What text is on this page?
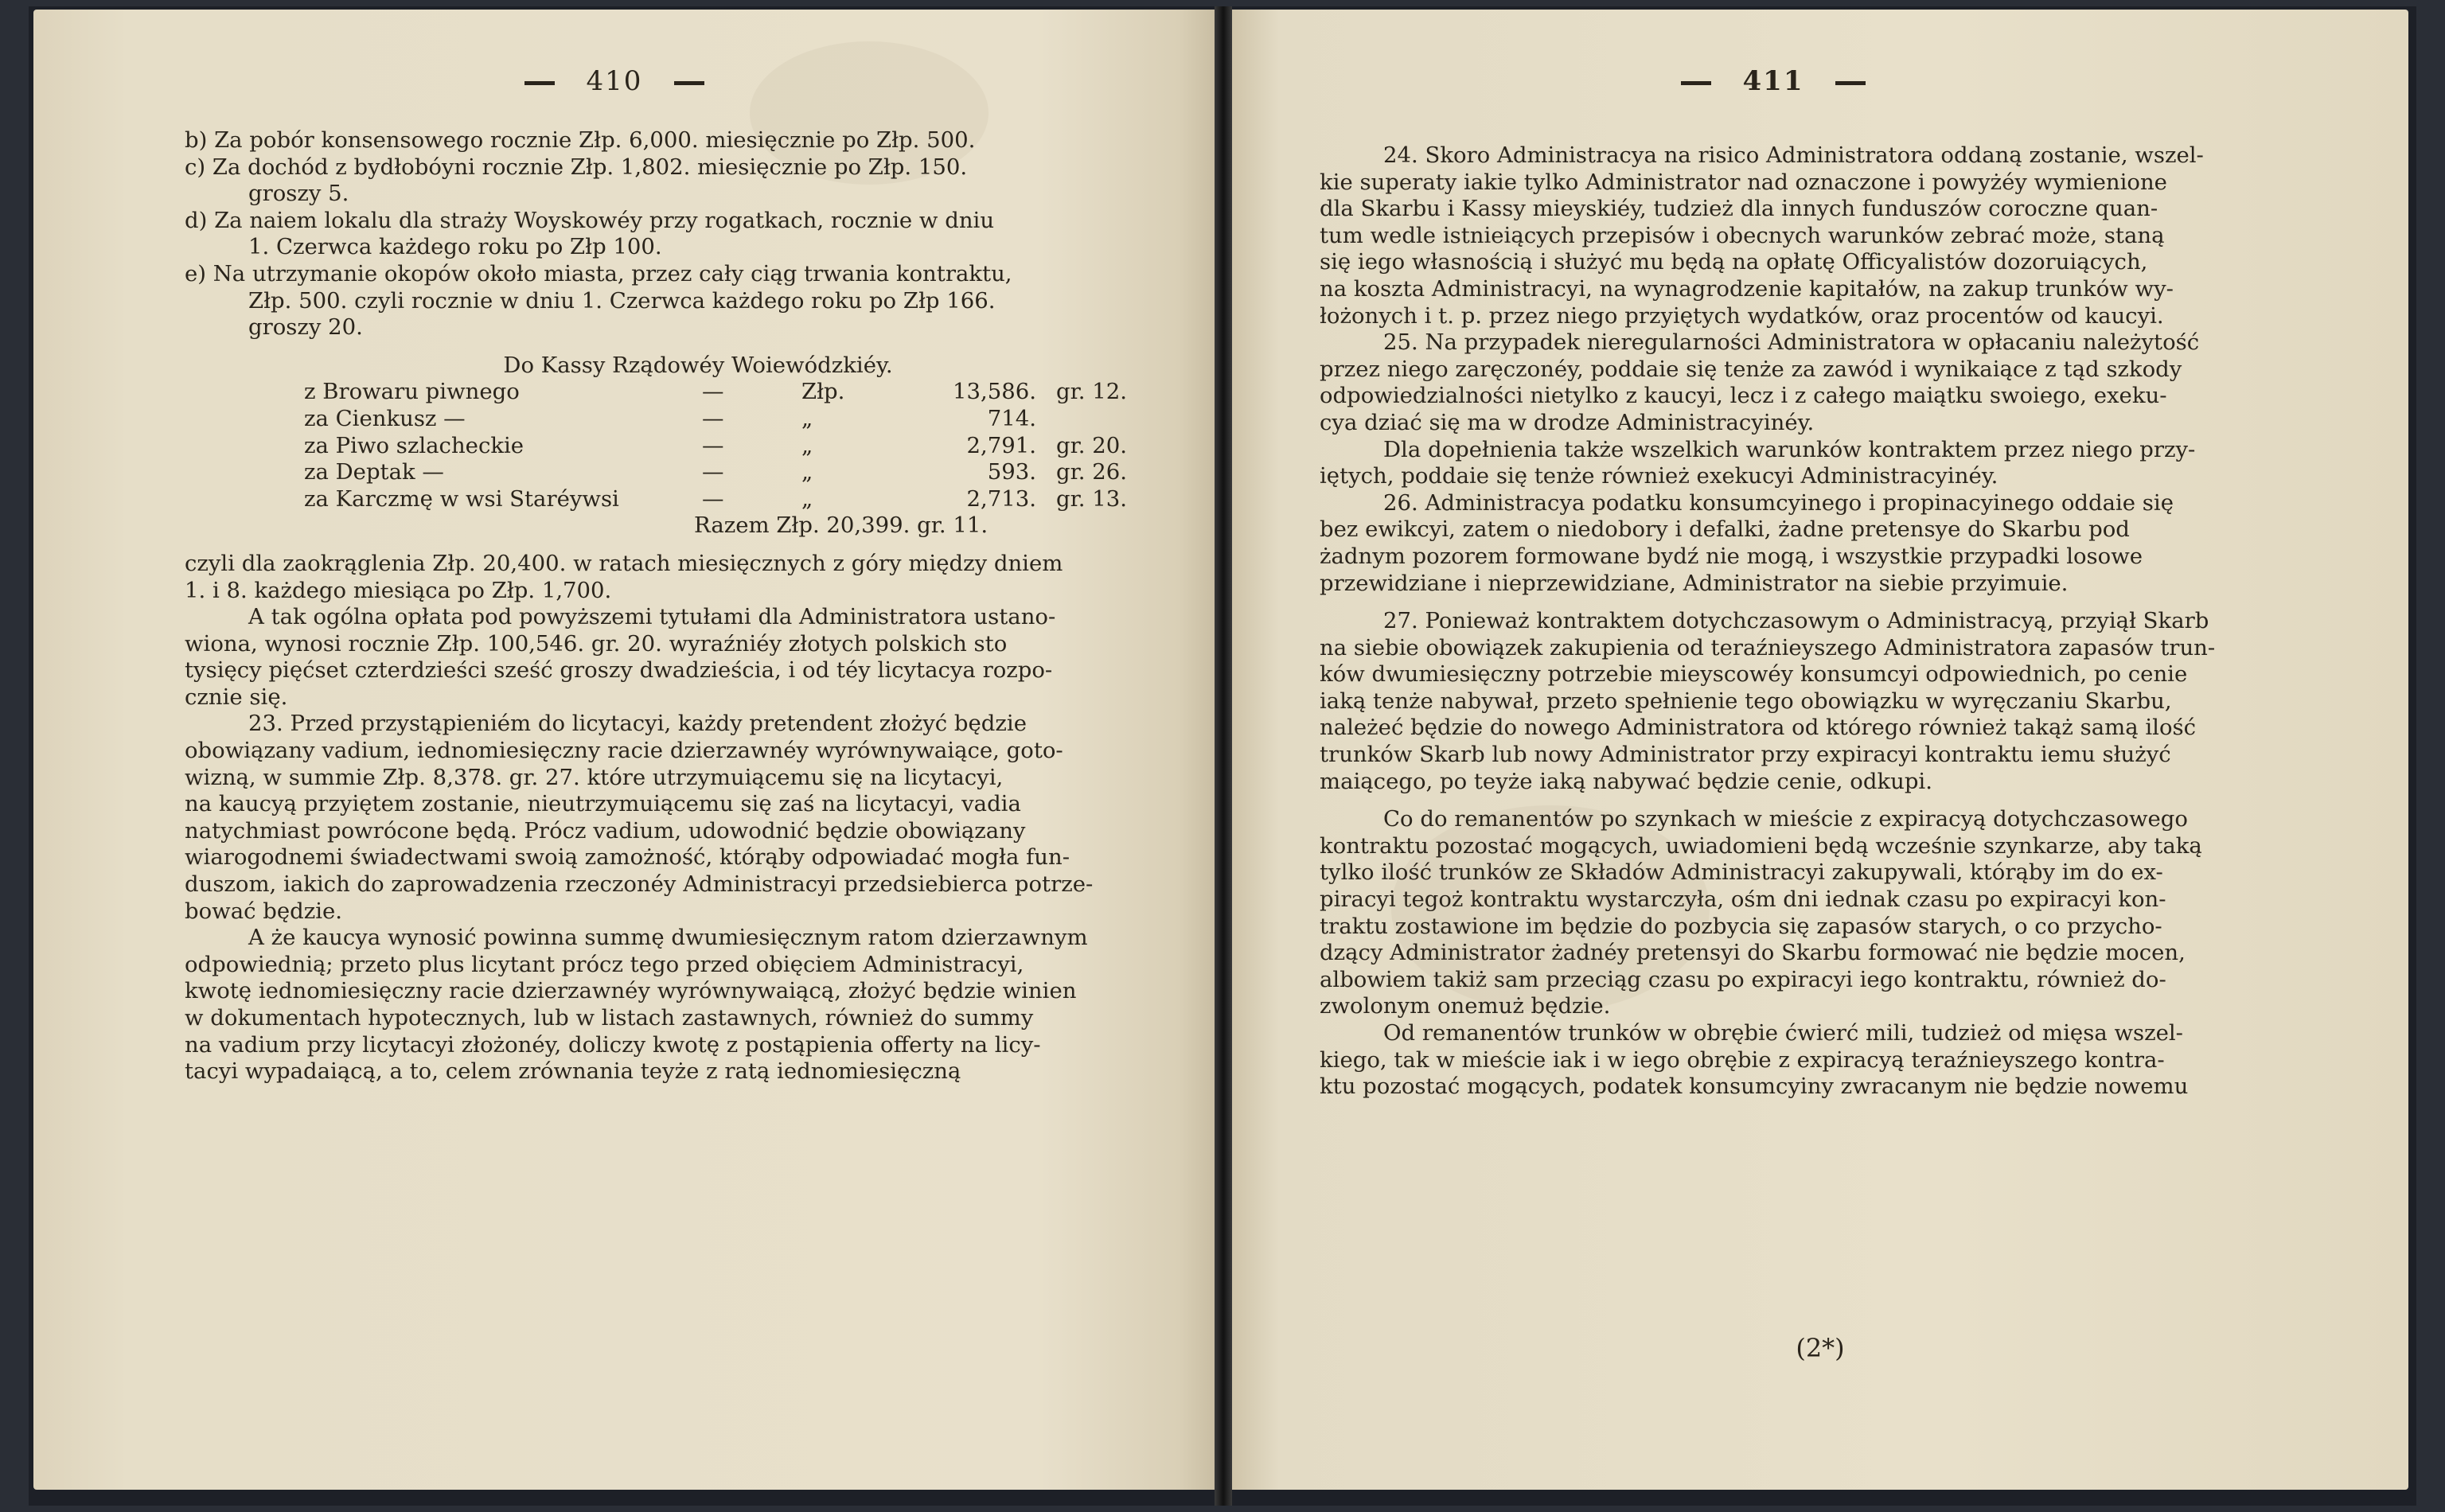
410
b) Za pobór konsensowego rocznie Złp. 6,000. miesięcznie po Złp. 500.
c) Za dochód z bydłobóyni rocznie Złp. 1,802. miesięcznie po Złp. 150.
groszy 5.
d) Za naiem lokalu dla straży Woyskowéy przy rogatkach, rocznie w dniu
1. Czerwca każdego roku po Złp 100.
e) Na utrzymanie okopów około miasta, przez cały ciąg trwania kontraktu,
Złp. 500. czyli rocznie w dniu 1. Czerwca każdego roku po Złp 166.
groszy 20.
Do Kassy Rządowéy Woiewódzkiéy.
z Browaru piwnego	—	Złp.	13,586. gr. 12.
za Cienkusz —	—	„	714.
za Piwo szlacheckie	—	„	2,791. gr. 20.
za Deptak —	—	„	593. gr. 26.
za Karczmę w wsi Staréywsi	—	„	2,713. gr. 13.
Razem Złp. 20,399. gr. 11.
czyli dla zaokrąglenia Złp. 20,400. w ratach miesięcznych z góry między dniem
1. i 8. każdego miesiąca po Złp. 1,700.
A tak ogólna opłata pod powyższemi tytułami dla Administratora ustano-
wiona, wynosi rocznie Złp. 100,546. gr. 20. wyraźniéy złotych polskich sto
tysięcy pięćset czterdzieści sześć groszy dwadzieścia, i od téy licytacya rozpo-
cznie się.
23. Przed przystąpieniém do licytacyi, każdy pretendent złożyć będzie
obowiązany vadium, iednomiesięczny racie dzierzawnéy wyrównywaiące, goto-
wizną, w summie Złp. 8,378. gr. 27. które utrzymuiącemu się na licytacyi,
na kaucyą przyiętem zostanie, nieutrzymuiącemu się zaś na licytacyi, vadia
natychmiast powrócone będą. Prócz vadium, udowodnić będzie obowiązany
wiarogodnemi świadectwami swoią zamożność, którąby odpowiadać mogła fun-
duszom, iakich do zaprowadzenia rzeczonéy Administracyi przedsiebierca potrze-
bować będzie.
A że kaucya wynosić powinna summę dwumiesięcznym ratom dzierzawnym
odpowiednią; przeto plus licytant prócz tego przed obięciem Administracyi,
kwotę iednomiesięczny racie dzierzawnéy wyrównywaiącą, złożyć będzie winien
w dokumentach hypotecznych, lub w listach zastawnych, również do summy
na vadium przy licytacyi złożonéy, doliczy kwotę z postąpienia offerty na licy-
tacyi wypadaiącą, a to, celem zrównania teyże z ratą iednomiesięczną
411
24. Skoro Administracya na risico Administratora oddaną zostanie, wszel-
kie superaty iakie tylko Administrator nad oznaczone i powyżéy wymienione
dla Skarbu i Kassy mieyskiéy, tudzież dla innych funduszów coroczne quan-
tum wedle istnieiących przepisów i obecnych warunków zebrać może, staną
się iego własnością i służyć mu będą na opłatę Officyalistów dozoruiących,
na koszta Administracyi, na wynagrodzenie kapitałów, na zakup trunków wy-
łożonych i t. p. przez niego przyiętych wydatków, oraz procentów od kaucyi.
25. Na przypadek nieregularności Administratora w opłacaniu należytość
przez niego zaręczonéy, poddaie się tenże za zawód i wynikaiące z tąd szkody
odpowiedzialności nietylko z kaucyi, lecz i z całego maiątku swoiego, exeku-
cya dziać się ma w drodze Administracyinéy.
Dla dopełnienia także wszelkich warunków kontraktem przez niego przy-
iętych, poddaie się tenże również exekucyi Administracyinéy.
26. Administracya podatku konsumcyinego i propinacyinego oddaie się
bez ewikcyi, zatem o niedobory i defalki, żadne pretensye do Skarbu pod
żadnym pozorem formowane bydź nie mogą, i wszystkie przypadki losowe
przewidziane i nieprzewidziane, Administrator na siebie przyimuie.
27. Ponieważ kontraktem dotychczasowym o Administracyą, przyiął Skarb
na siebie obowiązek zakupienia od teraźnieyszego Administratora zapasów trun-
ków dwumiesięczny potrzebie mieyscowéy konsumcyi odpowiednich, po cenie
iaką tenże nabywał, przeto spełnienie tego obowiązku w wyręczaniu Skarbu,
należeć będzie do nowego Administratora od którego również takąż samą ilość
trunków Skarb lub nowy Administrator przy expiracyi kontraktu iemu służyć
maiącego, po teyże iaką nabywać będzie cenie, odkupi.
Co do remanentów po szynkach w mieście z expiracyą dotychczasowego
kontraktu pozostać mogących, uwiadomieni będą wcześnie szynkarze, aby taką
tylko ilość trunków ze Składów Administracyi zakupywali, którąby im do ex-
piracyi tegoż kontraktu wystarczyła, ośm dni iednak czasu po expiracyi kon-
traktu zostawione im będzie do pozbycia się zapasów starych, o co przycho-
dzący Administrator żadnéy pretensyi do Skarbu formować nie będzie mocen,
albowiem takiż sam przeciąg czasu po expiracyi iego kontraktu, również do-
zwolonym onemuż będzie.
Od remanentów trunków w obrębie ćwierć mili, tudzież od mięsa wszel-
kiego, tak w mieście iak i w iego obrębie z expiracyą teraźnieyszego kontra-
ktu pozostać mogących, podatek konsumcyiny zwracanym nie będzie nowemu
(2*)
